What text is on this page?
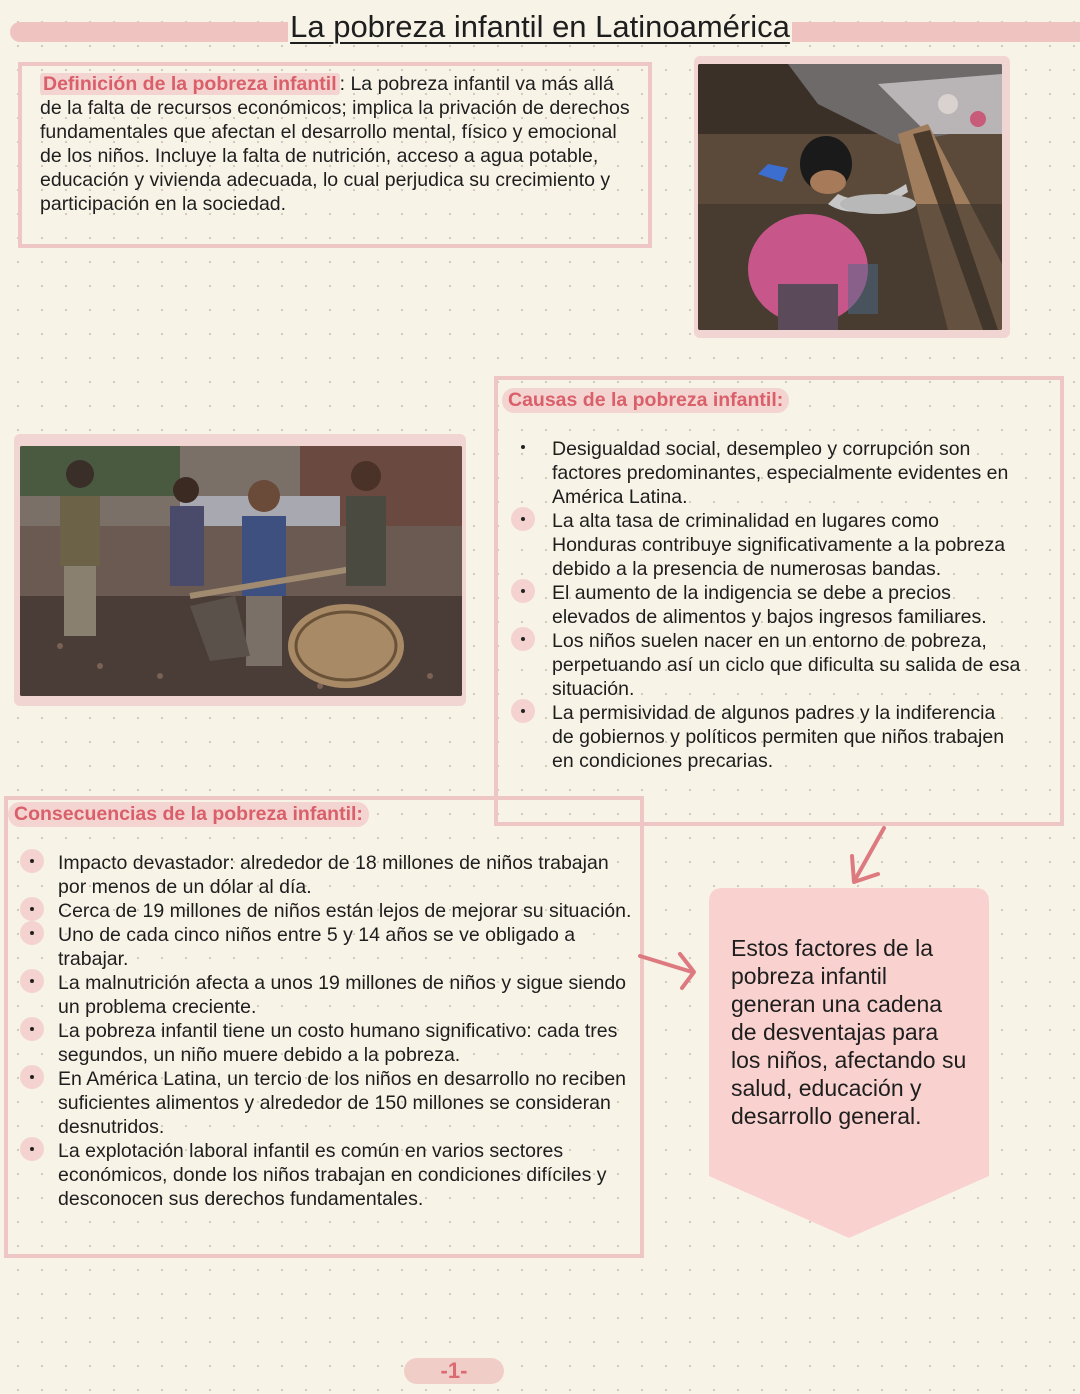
La pobreza infantil en Latinoamérica

Definición de la pobreza infantil : La pobreza infantil va más allá de la falta de recursos económicos; implica la privación de derechos fundamentales que afectan el desarrollo mental, físico y emocional de los niños. Incluye la falta de nutrición, acceso a agua potable, educación y vivienda adecuada, lo cual perjudica su crecimiento y participación en la sociedad.

Causas de la pobreza infantil:
Desigualdad social, desempleo y corrupción son factores predominantes, especialmente evidentes en América Latina.
La alta tasa de criminalidad en lugares como Honduras contribuye significativamente a la pobreza debido a la presencia de numerosas bandas.
El aumento de la indigencia se debe a precios elevados de alimentos y bajos ingresos familiares.
Los niños suelen nacer en un entorno de pobreza, perpetuando así un ciclo que dificulta su salida de esa situación.
La permisividad de algunos padres y la indiferencia de gobiernos y políticos permiten que niños trabajen en condiciones precarias.
Consecuencias de la pobreza infantil:
Impacto devastador: alrededor de 18 millones de niños trabajan por menos de un dólar al día.
Cerca de 19 millones de niños están lejos de mejorar su situación.
Uno de cada cinco niños entre 5 y 14 años se ve obligado a trabajar.
La malnutrición afecta a unos 19 millones de niños y sigue siendo un problema creciente.
La pobreza infantil tiene un costo humano significativo: cada tres segundos, un niño muere debido a la pobreza.
En América Latina, un tercio de los niños en desarrollo no reciben suficientes alimentos y alrededor de 150 millones se consideran desnutridos.
La explotación laboral infantil es común en varios sectores económicos, donde los niños trabajan en condiciones difíciles y desconocen sus derechos fundamentales.

Estos factores de la pobreza infantil generan una cadena de desventajas para los niños, afectando su salud, educación y desarrollo general.

-1-
